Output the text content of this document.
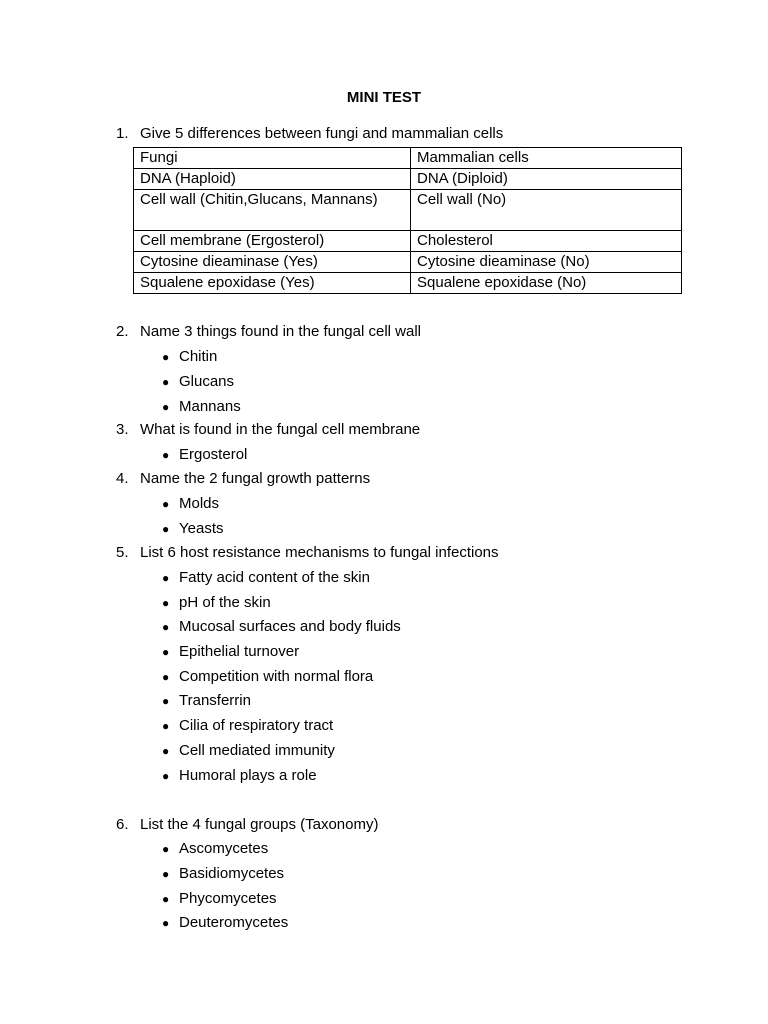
MINI TEST
1. Give 5 differences between fungi and mammalian cells
Fungi	Mammalian cells
DNA (Haploid)	DNA (Diploid)
Cell wall (Chitin,Glucans, Mannans)	Cell wall (No)
Cell membrane (Ergosterol)	Cholesterol
Cytosine dieaminase (Yes)	Cytosine dieaminase (No)
Squalene epoxidase (Yes)	Squalene epoxidase (No)
2. Name 3 things found in the fungal cell wall
● Chitin
● Glucans
● Mannans
3. What is found in the fungal cell membrane
● Ergosterol
4. Name the 2 fungal growth patterns
● Molds
● Yeasts
5. List 6 host resistance mechanisms to fungal infections
● Fatty acid content of the skin
● pH of the skin
● Mucosal surfaces and body fluids
● Epithelial turnover
● Competition with normal flora
● Transferrin
● Cilia of respiratory tract
● Cell mediated immunity
● Humoral plays a role
6. List the 4 fungal groups (Taxonomy)
● Ascomycetes
● Basidiomycetes
● Phycomycetes
● Deuteromycetes
